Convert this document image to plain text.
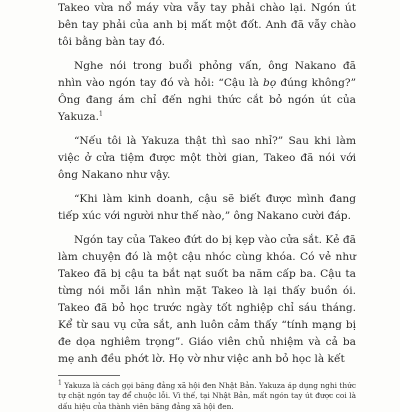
Takeo vừa nổ máy vừa vẫy tay phải chào lại. Ngón út bên tay phải của anh bị mất một đốt. Anh đã vẫy chào tôi bằng bàn tay đó.

Nghe nói trong buổi phỏng vấn, ông Nakano đã nhìn vào ngón tay đó và hỏi: “Cậu là bọ đúng không?” Ông đang ám chỉ đến nghi thức cắt bỏ ngón út của Yakuza.$^1$

“Nếu tôi là Yakuza thật thì sao nhỉ?” Sau khi làm việc ở cửa tiệm được một thời gian, Takeo đã nói với ông Nakano như vậy.

“Khi làm kinh doanh, cậu sẽ biết được mình đang tiếp xúc với người như thế nào,” ông Nakano cười đáp.

Ngón tay của Takeo đứt do bị kẹp vào cửa sắt. Kẻ đã làm chuyện đó là một cậu nhóc cùng khóa. Có vẻ như Takeo đã bị cậu ta bắt nạt suốt ba năm cấp ba. Cậu ta từng nói mỗi lần nhìn mặt Takeo là lại thấy buồn ói. Takeo đã bỏ học trước ngày tốt nghiệp chỉ sáu tháng. Kể từ sau vụ cửa sắt, anh luôn cảm thấy “tính mạng bị đe dọa nghiêm trọng”. Giáo viên chủ nhiệm và cả ba mẹ anh đều phớt lờ. Họ vờ như việc anh bỏ học là kết

$^1$ Yakuza là cách gọi băng đảng xã hội đen Nhật Bản. Yakuza áp dụng nghi thức tự chặt ngón tay để chuộc lỗi. Vì thế, tại Nhật Bản, mất ngón tay út được coi là dấu hiệu của thành viên băng đảng xã hội đen.
